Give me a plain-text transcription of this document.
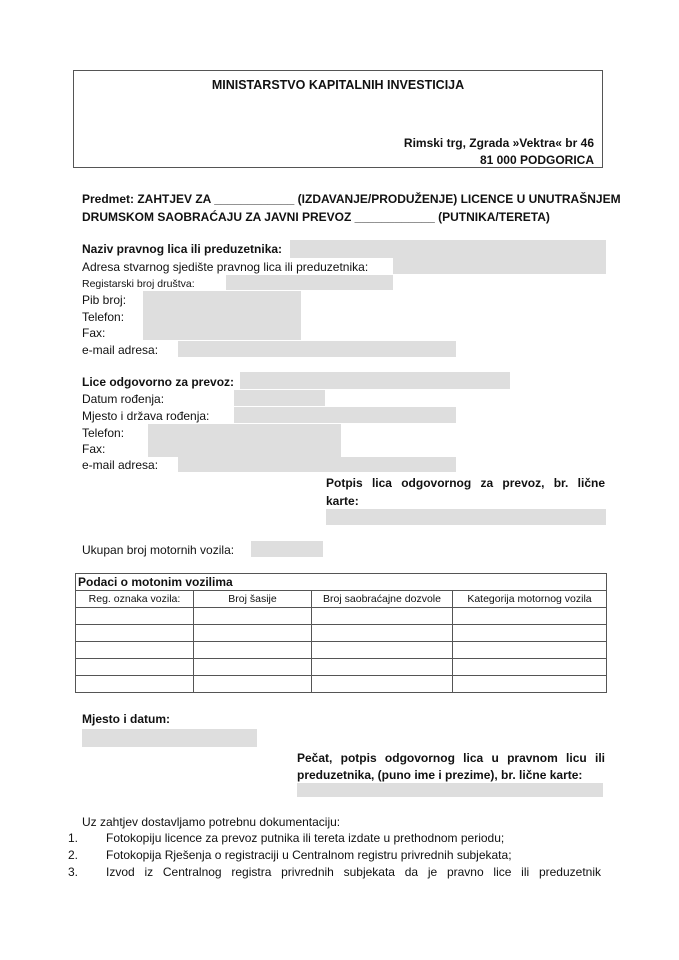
MINISTARSTVO KAPITALNIH INVESTICIJA
Rimski trg, Zgrada »Vektra« br 46
81 000 PODGORICA
Predmet: ZAHTJEV ZA ____________ (IZDAVANJE/PRODUŽENJE) LICENCE U UNUTRAŠNJEM
DRUMSKOM SAOBRAĆAJU ZA JAVNI PREVOZ ____________ (PUTNIKA/TERETA)
Naziv pravnog lica ili preduzetnika:
Adresa stvarnog sjedište pravnog lica ili preduzetnika:
Registarski broj društva:
Pib broj:
Telefon:
Fax:
e-mail adresa:
Lice odgovorno za prevoz:
Datum rođenja:
Mjesto i država rođenja:
Telefon:
Fax:
e-mail adresa:
Potpis lica odgovornog za prevoz, br. lične
karte:
Ukupan broj motornih vozila:
Podaci o motonim vozilima			
Reg. oznaka vozila:	Broj šasije	Broj saobraćajne dozvole	Kategorija motornog vozila

Mjesto i datum:
Pečat, potpis odgovornog lica u pravnom licu ili
preduzetnika, (puno ime i prezime), br. lične karte:
Uz zahtjev dostavljamo potrebnu dokumentaciju:
1. Fotokopiju licence za prevoz putnika ili tereta izdate u prethodnom periodu;
2. Fotokopija Rješenja o registraciji u Centralnom registru privrednih subjekata;
3. Izvod iz Centralnog registra privrednih subjekata da je pravno lice ili preduzetnik
